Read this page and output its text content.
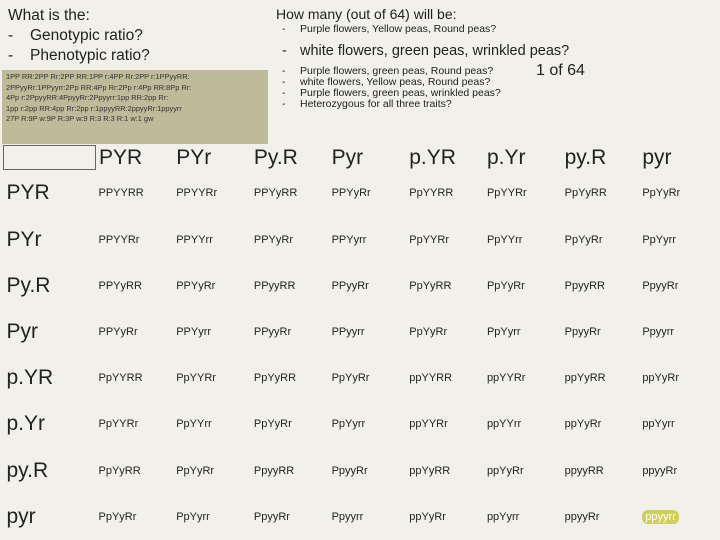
What is the:
- Genotypic ratio?
- Phenotypic ratio?
How many (out of 64) will be:
-	Purple flowers, Yellow peas, Round peas?
- white flowers, green peas, wrinkled peas?
-	Purple flowers, green peas, Round peas?
-	white flowers, Yellow peas, Round peas?
-	Purple flowers, green peas, wrinkled peas?
-	Heterozygous for all three traits?
1 of 64
1PP RR:2PP Rr:2PP RR:1PP r:4PP Rr:2PP r:1PPyyRR:
2PPyyRr:1PPyyrr:2Pp RR:4Pp Rr:2Pp r:4Pp RR:8Pp Rr:
4Pp r:2PpyyRR:4PpyyRr:2Ppyyrr:1pp RR:2pp Rr:
1pp r:2pp RR:4pp Rr:2pp r:1ppyyRR:2ppyyRr:1ppyyrr
27P R:9P w:9P R:3P w:9 R:3 R:3 R:1 w:1 gw
	PYR	PYr	Py.R	Pyr	p.YR	p.Yr	py.R	pyr
PYR	PPYYRR	PPYYRr	PPYyRR	PPYyRr	PpYYRR	PpYYRr	PpYyRR	PpYyRr
PYr	PPYYRr	PPYYrr	PPYyRr	PPYyrr	PpYYRr	PpYYrr	PpYyRr	PpYyrr
Py.R	PPYyRR	PPYyRr	PPyyRR	PPyyRr	PpYyRR	PpYyRr	PpyyRR	PpyyRr
Pyr	PPYyRr	PPYyrr	PPyyRr	PPyyrr	PpYyRr	PpYyrr	PpyyRr	Ppyyrr
p.YR	PpYYRR	PpYYRr	PpYyRR	PpYyRr	ppYYRR	ppYYRr	ppYyRR	ppYyRr
p.Yr	PpYYRr	PpYYrr	PpYyRr	PpYyrr	ppYYRr	ppYYrr	ppYyRr	ppYyrr
py.R	PpYyRR	PpYyRr	PpyyRR	PpyyRr	ppYyRR	ppYyRr	ppyyRR	ppyyRr
pyr	PpYyRr	PpYyrr	PpyyRr	Ppyyrr	ppYyRr	ppYyrr	ppyyRr	ppyyrr
